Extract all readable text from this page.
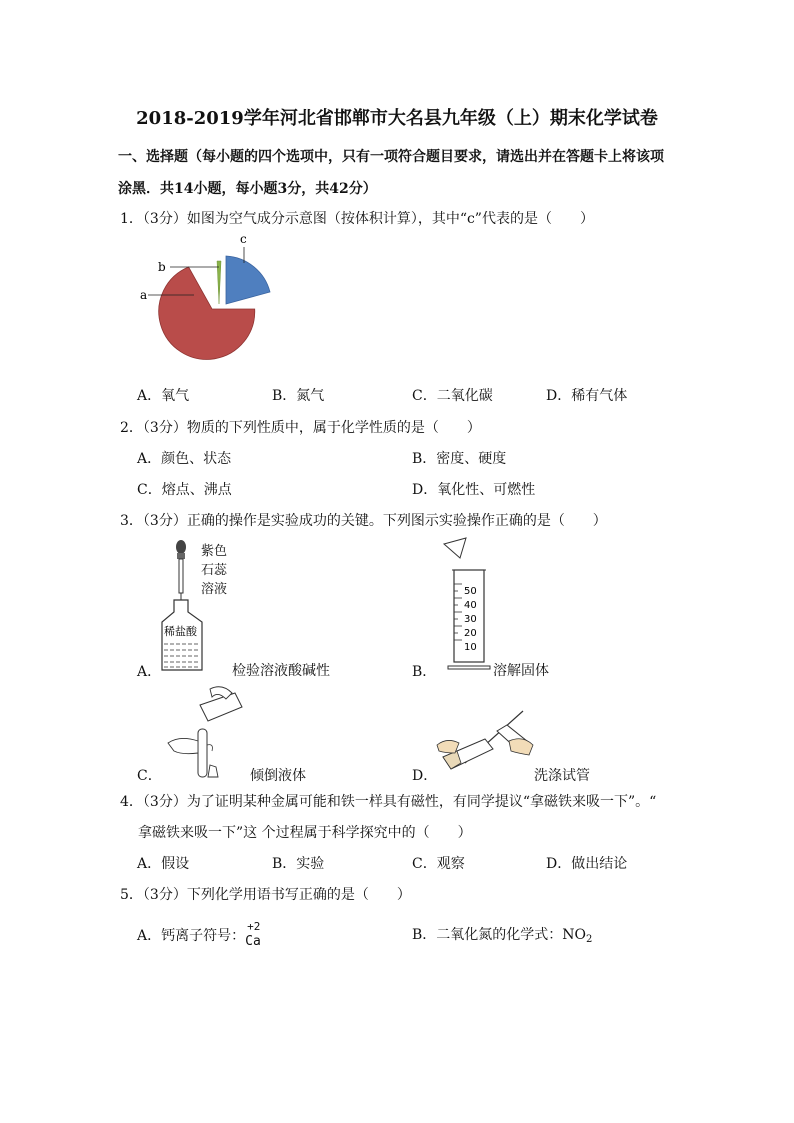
2018-2019学年河北省邯郸市大名县九年级（上）期末化学试卷
一、选择题（每小题的四个选项中，只有一项符合题目要求，请选出并在答题卡上将该项
涂黑．共14小题，每小题3分，共42分）
1．（3分）如图为空气成分示意图（按体积计算），其中“c”代表的是（　　）
a
b
c
A．氧气	B．氮气	C．二氧化碳	D．稀有气体
2．（3分）物质的下列性质中，属于化学性质的是（　　）
A．颜色、状态	B．密度、硬度
C．熔点、沸点	D．氧化性、可燃性
3．（3分）正确的操作是实验成功的关键。下列图示实验操作正确的是（　　）
稀盐酸
紫色
石蕊
溶液
A．	检验溶液酸碱性
50
40
30
20
10
B．	溶解固体
C．	倾倒液体	D．	洗涤试管
4．（3分）为了证明某种金属可能和铁一样具有磁性，有同学提议“拿磁铁来吸一下”。“
拿磁铁来吸一下”这 个过程属于科学探究中的（　　）
A．假设	B．实验	C．观察	D．做出结论
5．（3分）下列化学用语书写正确的是（　　）
A．钙离子符号：
+2
Ca	B．二氧化氮的化学式：$NO_2$
